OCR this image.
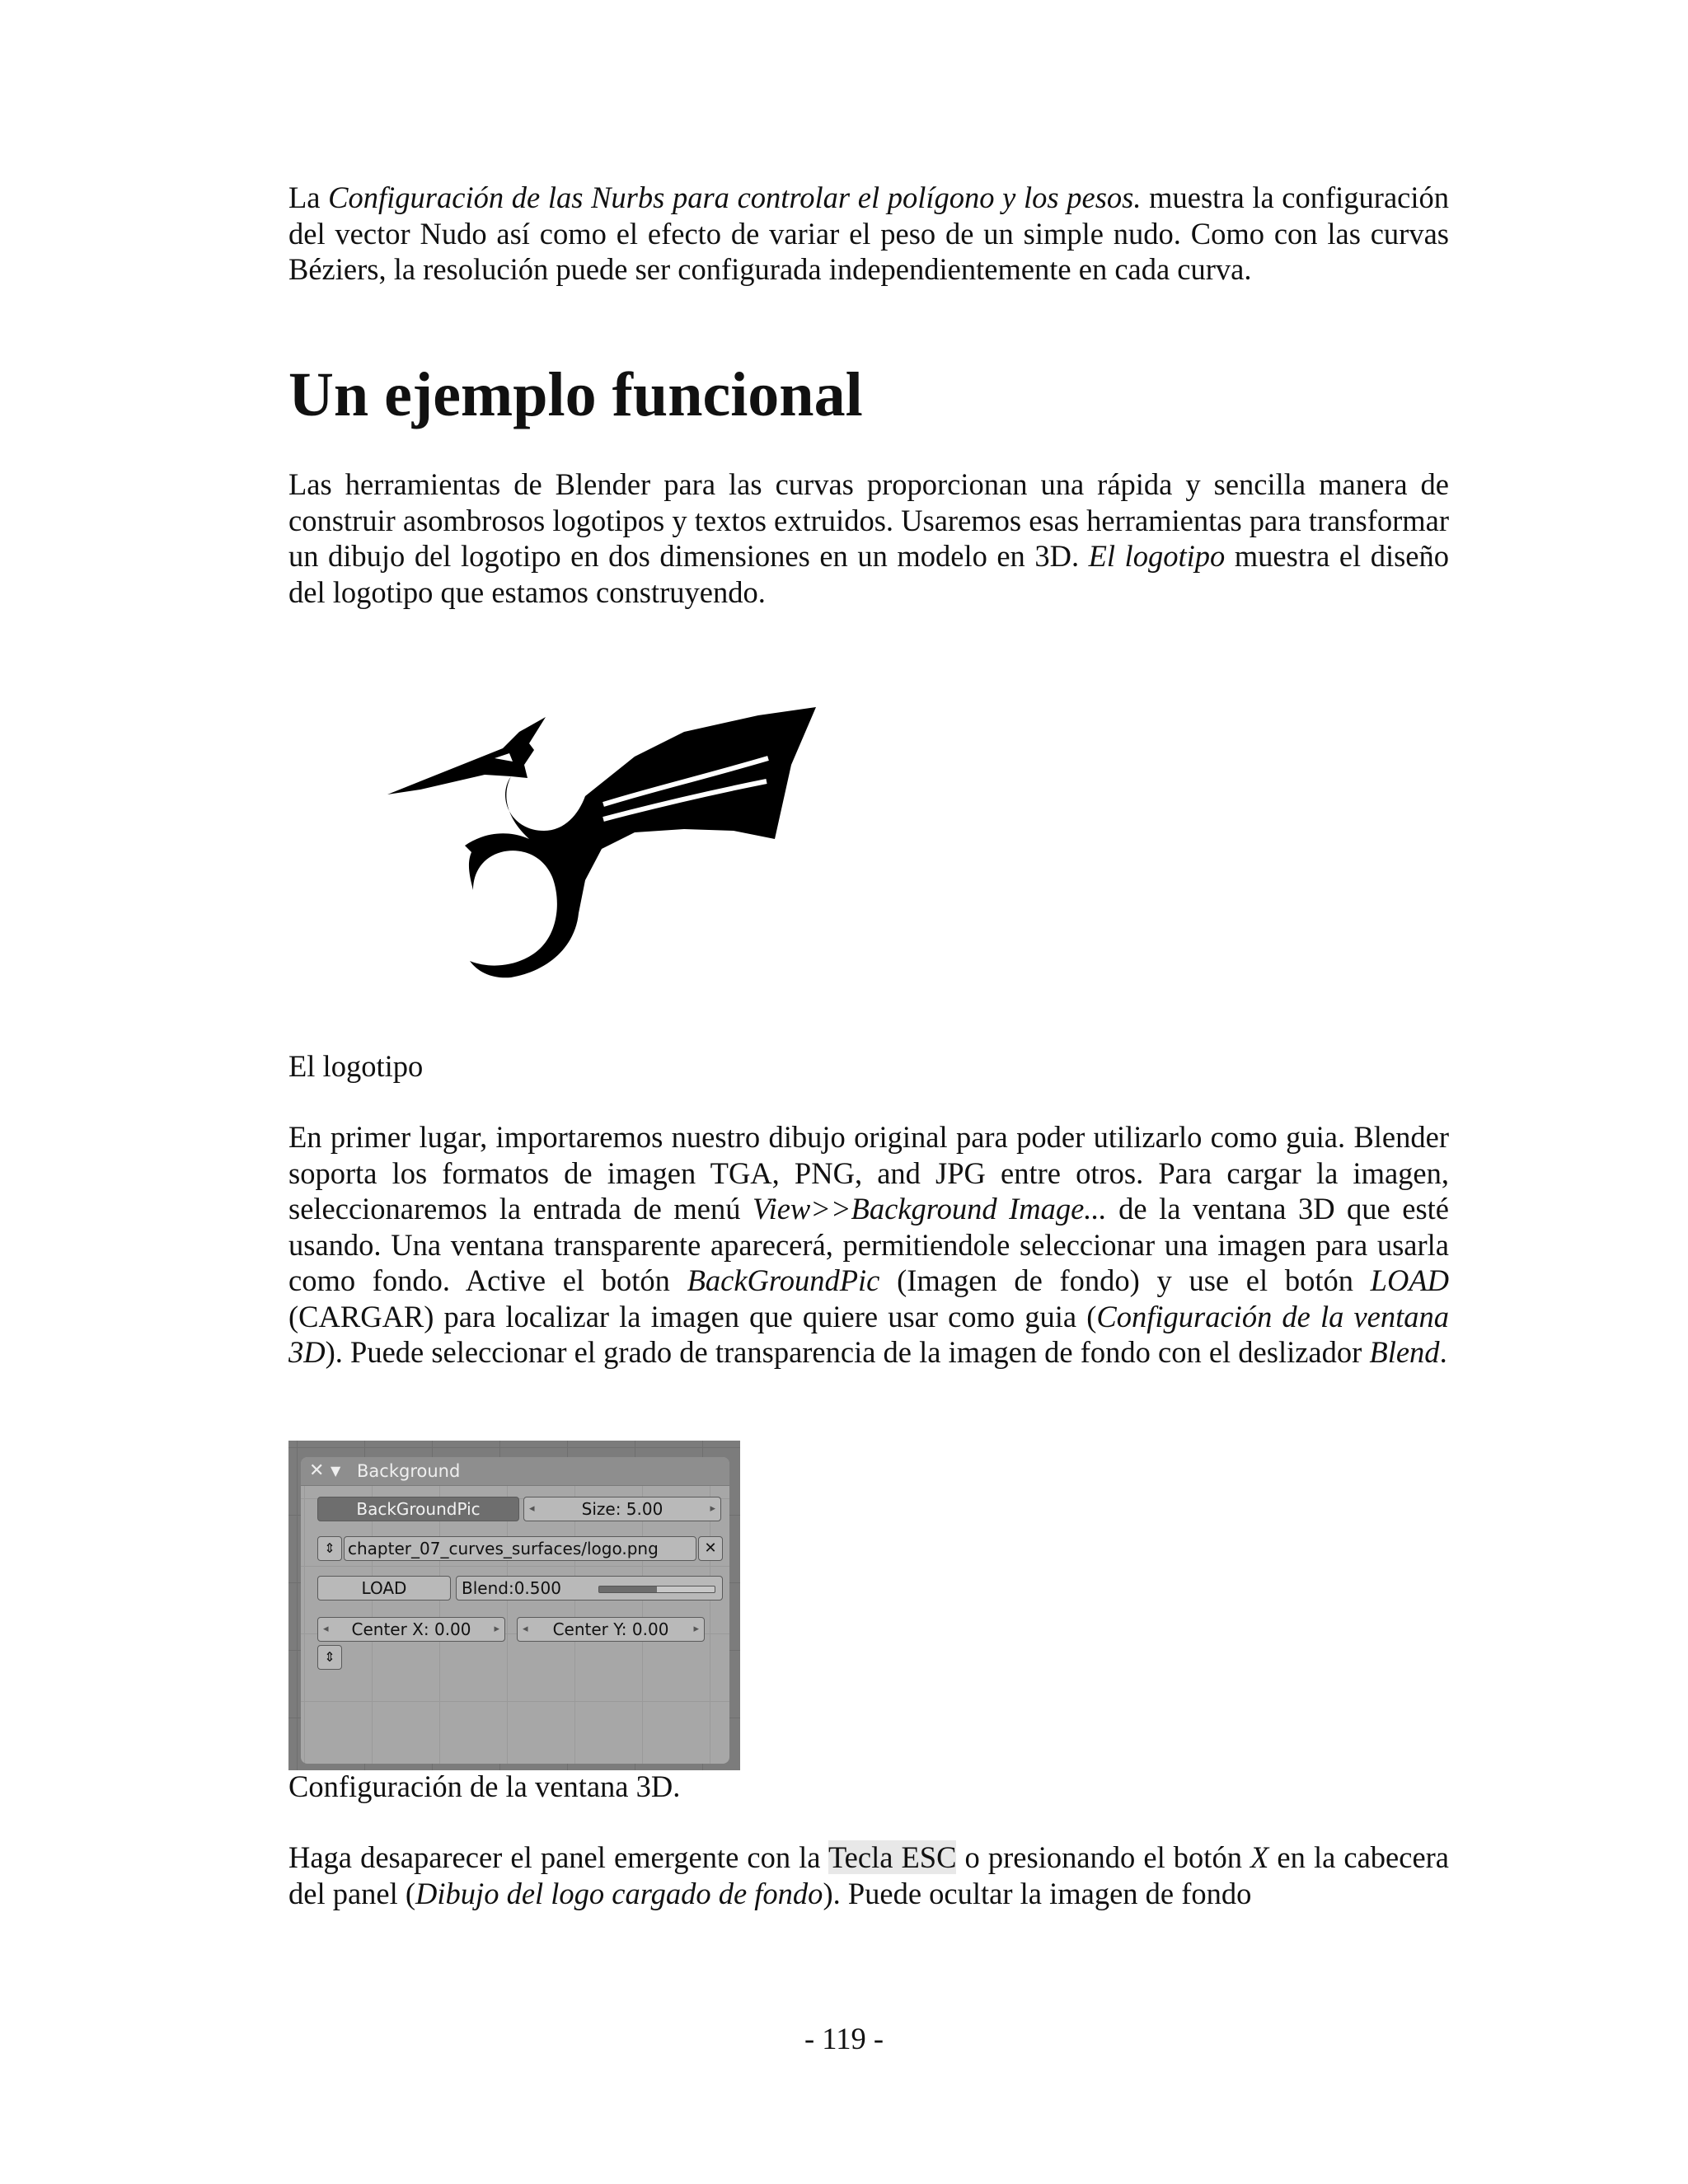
La Configuración de las Nurbs para controlar el polígono y los pesos. muestra la configuración del vector Nudo así como el efecto de variar el peso de un simple nudo. Como con las curvas Béziers, la resolución puede ser configurada independientemente en cada curva.

Un ejemplo funcional

Las herramientas de Blender para las curvas proporcionan una rápida y sencilla manera de construir asombrosos logotipos y textos extruidos. Usaremos esas herramientas para transformar un dibujo del logotipo en dos dimensiones en un modelo en 3D. El logotipo muestra el diseño del logotipo que estamos construyendo.

El logotipo

En primer lugar, importaremos nuestro dibujo original para poder utilizarlo como guia. Blender soporta los formatos de imagen TGA, PNG, and JPG entre otros. Para cargar la imagen, seleccionaremos la entrada de menú View>>Background Image... de la ventana 3D que esté usando. Una ventana transparente aparecerá, permitiendole seleccionar una imagen para usarla como fondo. Active el botón BackGroundPic (Imagen de fondo) y use el botón LOAD (CARGAR) para localizar la imagen que quiere usar como guia (Configuración de la ventana 3D). Puede seleccionar el grado de transparencia de la imagen de fondo con el deslizador Blend.

✕ ▼ Background
BackGroundPic	◂	Size: 5.00	▸
⇕ chapter_07_curves_surfaces/logo.png	✕
LOAD	Blend:0.500
◂ Center X: 0.00 ▸ ◂ Center Y: 0.00 ▸
⇕

Configuración de la ventana 3D.

Haga desaparecer el panel emergente con la Tecla ESC o presionando el botón X en la cabecera del panel (Dibujo del logo cargado de fondo). Puede ocultar la imagen de fondo

- 119 -
